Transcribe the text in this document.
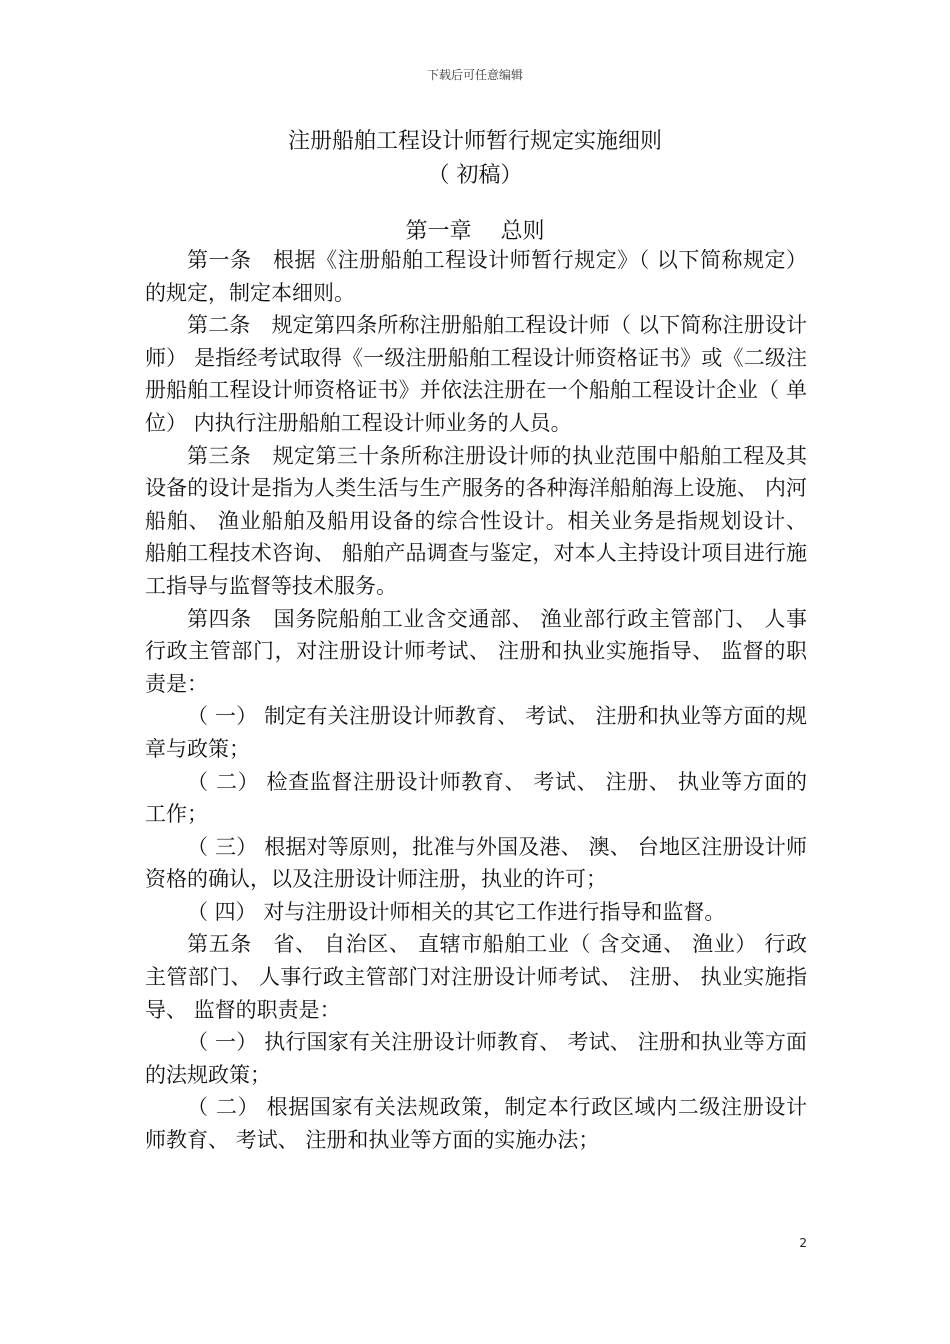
下载后可任意编辑
注册船舶工程设计师暂行规定实施细则
（ 初稿）
第一章  总则

第一条　根据《注册船舶工程设计师暂行规定》（ 以下简称规定）的规定，制定本细则。

第二条　规定第四条所称注册船舶工程设计师（ 以下简称注册设计师） 是指经考试取得《一级注册船舶工程设计师资格证书》或《二级注册船舶工程设计师资格证书》并依法注册在一个船舶工程设计企业（ 单位） 内执行注册船舶工程设计师业务的人员。

第三条　规定第三十条所称注册设计师的执业范围中船舶工程及其设备的设计是指为人类生活与生产服务的各种海洋船舶海上设施、 内河船舶、 渔业船舶及船用设备的综合性设计。相关业务是指规划设计、 船舶工程技术咨询、 船舶产品调查与鉴定，对本人主持设计项目进行施工指导与监督等技术服务。

第四条　国务院船舶工业含交通部、 渔业部行政主管部门、 人事行政主管部门，对注册设计师考试、 注册和执业实施指导、 监督的职责是：

（ 一） 制定有关注册设计师教育、 考试、 注册和执业等方面的规章与政策；

（ 二） 检查监督注册设计师教育、 考试、 注册、 执业等方面的工作；

（ 三） 根据对等原则，批准与外国及港、 澳、 台地区注册设计师资格的确认，以及注册设计师注册，执业的许可；

（ 四） 对与注册设计师相关的其它工作进行指导和监督。

第五条　省、 自治区、 直辖市船舶工业（ 含交通、 渔业） 行政主管部门、 人事行政主管部门对注册设计师考试、 注册、 执业实施指导、 监督的职责是：

（ 一） 执行国家有关注册设计师教育、 考试、 注册和执业等方面的法规政策；

（ 二） 根据国家有关法规政策，制定本行政区域内二级注册设计师教育、 考试、 注册和执业等方面的实施办法；

2
